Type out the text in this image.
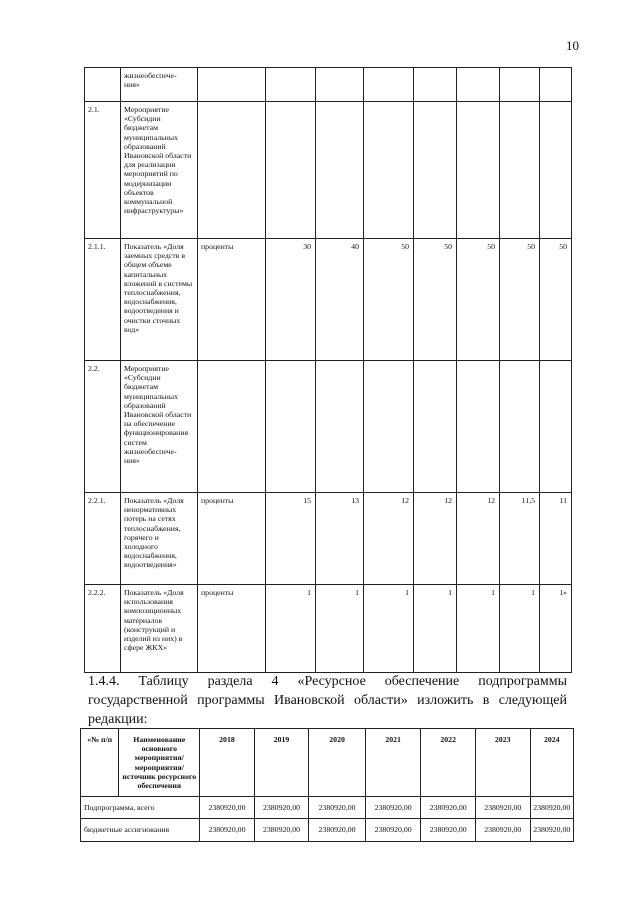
10
	жизнеобеспече- ния»								
2.1.	Мероприятие «Субсидии бюджетам муниципальных образований Ивановской области для реализации мероприятий по модернизации объектов коммунальной инфраструктуры»								
2.1.1.	Показатель «Доля заемных средств в общем объеме капитальных вложений в системы теплоснабжения, водоснабжения, водоотведения и очистки сточных вод»	проценты	30	40	50	50	50	50	50
2.2.	Мероприятие «Субсидии бюджетам муниципальных образований Ивановской области на обеспечение функционирования систем жизнеобеспече- ния»								
2.2.1.	Показатель «Доля ненормативных потерь на сетях теплоснабжения, горячего и холодного водоснабжения, водоотведения»	проценты	15	13	12	12	12	11,5	11
2.2.2.	Показатель «Доля использования композиционных материалов (конструкций и изделий из них) в сфере ЖКХ»	проценты	1	1	1	1	1	1	1»
1.4.4. Таблицу раздела 4 «Ресурсное обеспечение подпрограммы государственной программы Ивановской области» изложить в следующей редакции:
«№ п/п	Наименование основного мероприятия/ мероприятия/ источник ресурсного обеспечения	2018	2019	2020	2021	2022	2023	2024
Подпрограмма, всего		2380920,00	2380920,00	2380920,00	2380920,00	2380920,00	2380920,00	2380920,00
бюджетные ассигнования		2380920,00	2380920,00	2380920,00	2380920,00	2380920,00	2380920,00	2380920,00
